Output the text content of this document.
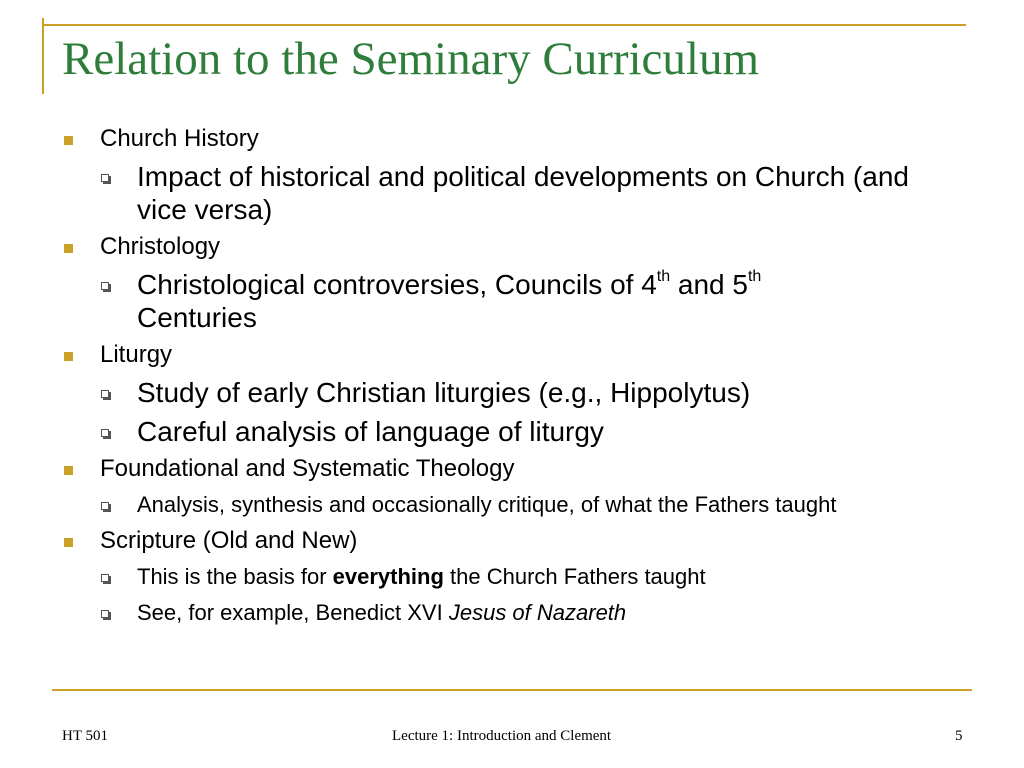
Relation to the Seminary Curriculum
Church History
Impact of historical and political developments on Church (and vice versa)
Christology
Christological controversies, Councils of 4th and 5th
Centuries
Liturgy
Study of early Christian liturgies (e.g., Hippolytus)
Careful analysis of language of liturgy
Foundational and Systematic Theology
Analysis, synthesis and occasionally critique, of what the Fathers taught
Scripture (Old and New)
This is the basis for everything the Church Fathers taught
See, for example, Benedict XVI Jesus of Nazareth
HT 501	Lecture 1: Introduction and Clement	5
